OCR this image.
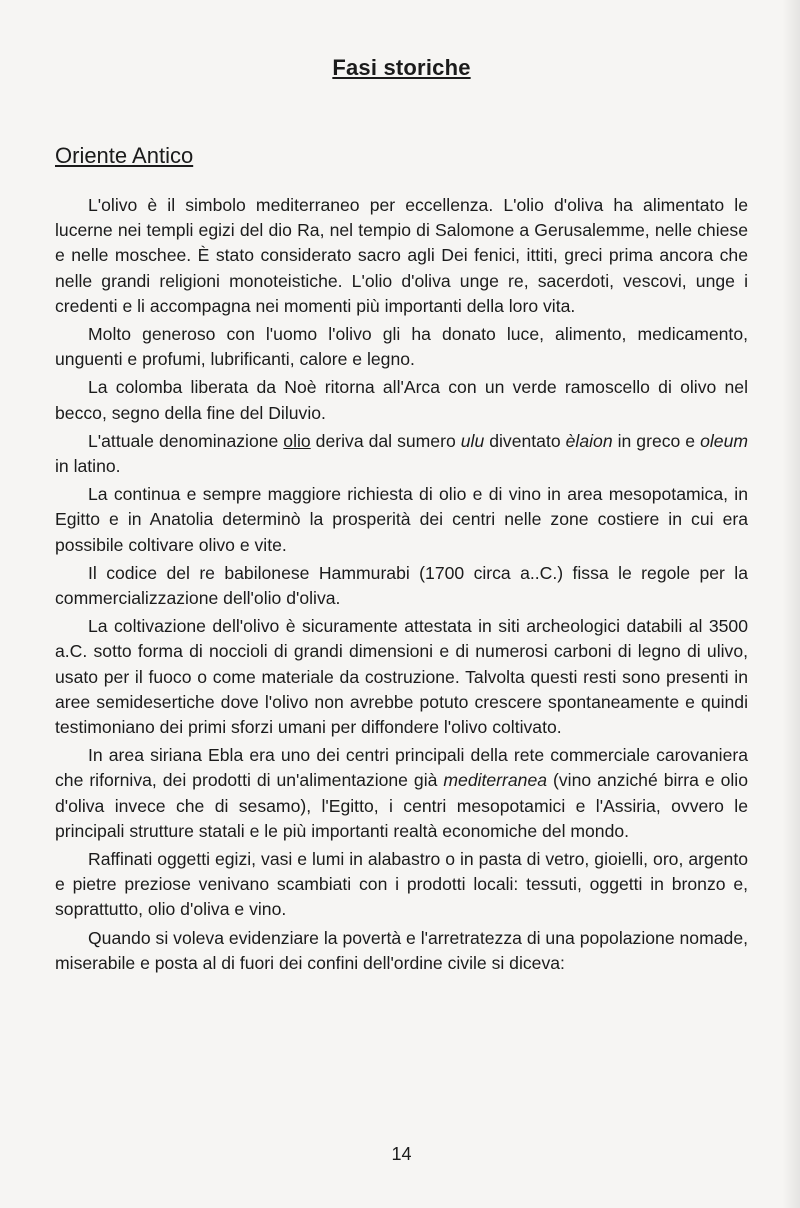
Fasi storiche
Oriente Antico

L'olivo è il simbolo mediterraneo per eccellenza. L'olio d'oliva ha alimentato le lucerne nei templi egizi del dio Ra, nel tempio di Salomone a Gerusalemme, nelle chiese e nelle moschee. È stato considerato sacro agli Dei fenici, ittiti, greci prima ancora che nelle grandi religioni monoteistiche. L'olio d'oliva unge re, sacerdoti, vescovi, unge i credenti e li accompagna nei momenti più importanti della loro vita.

Molto generoso con l'uomo l'olivo gli ha donato luce, alimento, medicamento, unguenti e profumi, lubrificanti, calore e legno.

La colomba liberata da Noè ritorna all'Arca con un verde ramoscello di olivo nel becco, segno della fine del Diluvio.

L'attuale denominazione olio deriva dal sumero ulu diventato èlaion in greco e oleum in latino.

La continua e sempre maggiore richiesta di olio e di vino in area mesopotamica, in Egitto e in Anatolia determinò la prosperità dei centri nelle zone costiere in cui era possibile coltivare olivo e vite.

Il codice del re babilonese Hammurabi (1700 circa a..C.) fissa le regole per la commercializzazione dell'olio d'oliva.

La coltivazione dell'olivo è sicuramente attestata in siti archeologici databili al 3500 a.C. sotto forma di noccioli di grandi dimensioni e di numerosi carboni di legno di ulivo, usato per il fuoco o come materiale da costruzione. Talvolta questi resti sono presenti in aree semidesertiche dove l'olivo non avrebbe potuto crescere spontaneamente e quindi testimoniano dei primi sforzi umani per diffondere l'olivo coltivato.

In area siriana Ebla era uno dei centri principali della rete commerciale carovaniera che riforniva, dei prodotti di un'alimentazione già mediterranea (vino anziché birra e olio d'oliva invece che di sesamo), l'Egitto, i centri mesopotamici e l'Assiria, ovvero le principali strutture statali e le più importanti realtà economiche del mondo.

Raffinati oggetti egizi, vasi e lumi in alabastro o in pasta di vetro, gioielli, oro, argento e pietre preziose venivano scambiati con i prodotti locali: tessuti, oggetti in bronzo e, soprattutto, olio d'oliva e vino.

Quando si voleva evidenziare la povertà e l'arretratezza di una popolazione nomade, miserabile e posta al di fuori dei confini dell'ordine civile si diceva:

14
